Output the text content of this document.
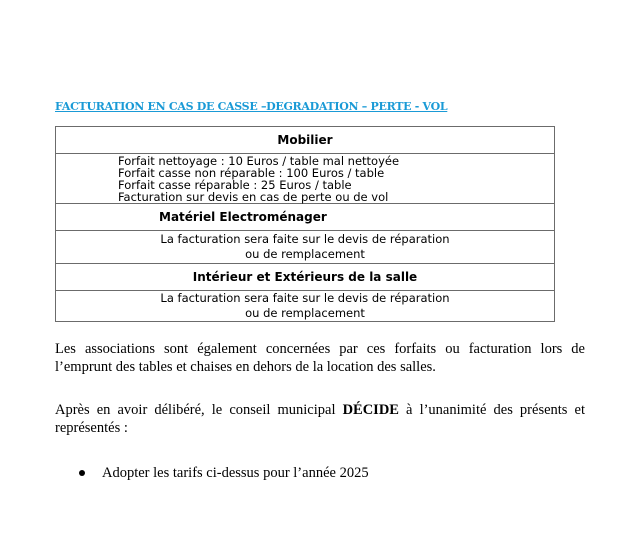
FACTURATION EN CAS DE CASSE –DEGRADATION – PERTE - VOL
Mobilier

Forfait nettoyage : 10 Euros / table mal nettoyée
Forfait casse non réparable : 100 Euros / table
Forfait casse réparable : 25 Euros / table
Facturation sur devis en cas de perte ou de vol

Matériel Electroménager

La facturation sera faite sur le devis de réparation
ou de remplacement

Intérieur et Extérieurs de la salle

La facturation sera faite sur le devis de réparation
ou de remplacement
Les associations sont également concernées par ces forfaits ou facturation lors de l’emprunt des tables et chaises en dehors de la location des salles.
Après en avoir délibéré, le conseil municipal DÉCIDE à l’unanimité des présents et représentés :
Adopter les tarifs ci-dessus pour l’année 2025
